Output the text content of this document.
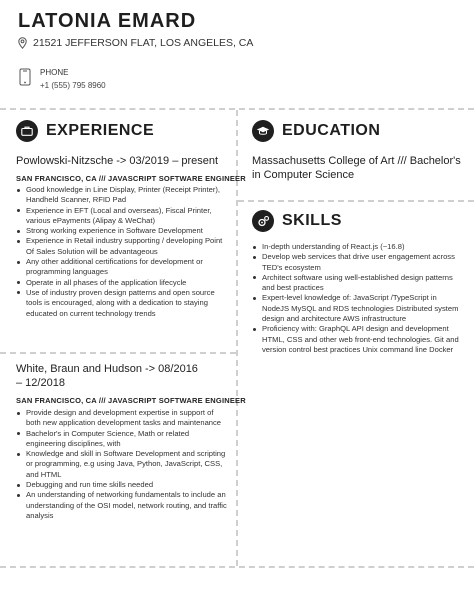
LATONIA EMARD
21521 JEFFERSON FLAT, LOS ANGELES, CA
PHONE
+1 (555) 795 8960
EXPERIENCE
Powlowski-Nitzsche -> 03/2019 – present
SAN FRANCISCO, CA /// JAVASCRIPT SOFTWARE ENGINEER
Good knowledge in Line Display, Printer (Receipt Printer), Handheld Scanner, RFID Pad
Experience in EFT (Local and overseas), Fiscal Printer, various ePayments (Alipay & WeChat)
Strong working experience in Software Development
Experience in Retail industry supporting / developing Point Of Sales Solution will be advantageous
Any other additional certifications for development or programming languages
Operate in all phases of the application lifecycle
Use of industry proven design patterns and open source tools is encouraged, along with a dedication to staying educated on current technology trends
White, Braun and Hudson -> 08/2016 – 12/2018
SAN FRANCISCO, CA /// JAVASCRIPT SOFTWARE ENGINEER
Provide design and development expertise in support of both new application development tasks and maintenance
Bachelor's in Computer Science, Math or related engineering disciplines, with
Knowledge and skill in Software Development and scripting or programming, e.g using Java, Python, JavaScript, CSS, and HTML
Debugging and run time skills needed
An understanding of networking fundamentals to include an understanding of the OSI model, network routing, and traffic analysis
EDUCATION
Massachusetts College of Art /// Bachelor's in Computer Science
SKILLS
In-depth understanding of React.js (~16.8)
Develop web services that drive user engagement across TED's ecosystem
Architect software using well-established design patterns and best practices
Expert-level knowledge of: JavaScript /TypeScript in NodeJS MySQL and RDS technologies Distributed system design and architecture AWS infrastructure
Proficiency with: GraphQL API design and development HTML, CSS and other web front-end technologies. Git and version control best practices Unix command line Docker
